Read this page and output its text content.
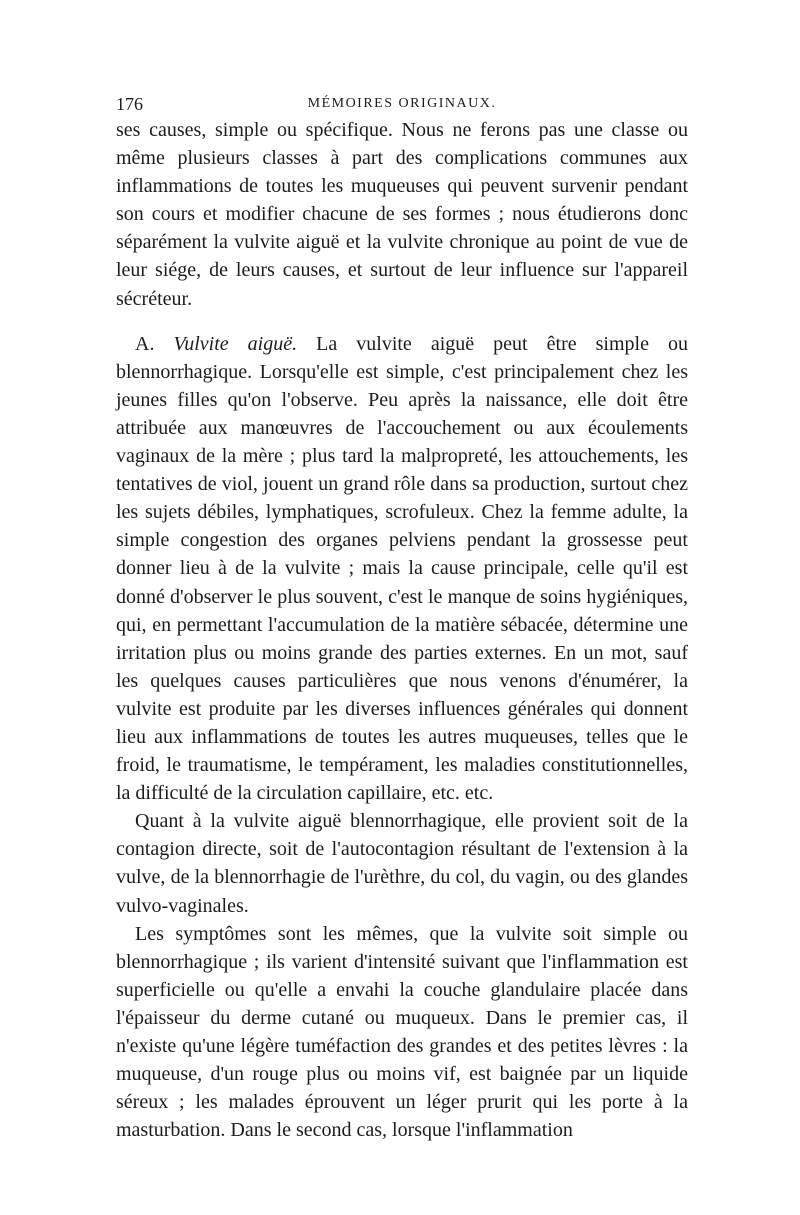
176	MÉMOIRES ORIGINAUX.

ses causes, simple ou spécifique. Nous ne ferons pas une classe ou même plusieurs classes à part des complications communes aux inflammations de toutes les muqueuses qui peuvent survenir pendant son cours et modifier chacune de ses formes ; nous étudierons donc séparément la vulvite aiguë et la vulvite chronique au point de vue de leur siége, de leurs causes, et surtout de leur influence sur l'appareil sécréteur.

A. Vulvite aiguë. La vulvite aiguë peut être simple ou blennorrhagique. Lorsqu'elle est simple, c'est principalement chez les jeunes filles qu'on l'observe. Peu après la naissance, elle doit être attribuée aux manœuvres de l'accouchement ou aux écoulements vaginaux de la mère ; plus tard la malpropreté, les attouchements, les tentatives de viol, jouent un grand rôle dans sa production, surtout chez les sujets débiles, lymphatiques, scrofuleux. Chez la femme adulte, la simple congestion des organes pelviens pendant la grossesse peut donner lieu à de la vulvite ; mais la cause principale, celle qu'il est donné d'observer le plus souvent, c'est le manque de soins hygiéniques, qui, en permettant l'accumulation de la matière sébacée, détermine une irritation plus ou moins grande des parties externes. En un mot, sauf les quelques causes particulières que nous venons d'énumérer, la vulvite est produite par les diverses influences générales qui donnent lieu aux inflammations de toutes les autres muqueuses, telles que le froid, le traumatisme, le tempérament, les maladies constitutionnelles, la difficulté de la circulation capillaire, etc. etc.

Quant à la vulvite aiguë blennorrhagique, elle provient soit de la contagion directe, soit de l'autocontagion résultant de l'extension à la vulve, de la blennorrhagie de l'urèthre, du col, du vagin, ou des glandes vulvo-vaginales.

Les symptômes sont les mêmes, que la vulvite soit simple ou blennorrhagique ; ils varient d'intensité suivant que l'inflammation est superficielle ou qu'elle a envahi la couche glandulaire placée dans l'épaisseur du derme cutané ou muqueux. Dans le premier cas, il n'existe qu'une légère tuméfaction des grandes et des petites lèvres : la muqueuse, d'un rouge plus ou moins vif, est baignée par un liquide séreux ; les malades éprouvent un léger prurit qui les porte à la masturbation. Dans le second cas, lorsque l'inflammation
